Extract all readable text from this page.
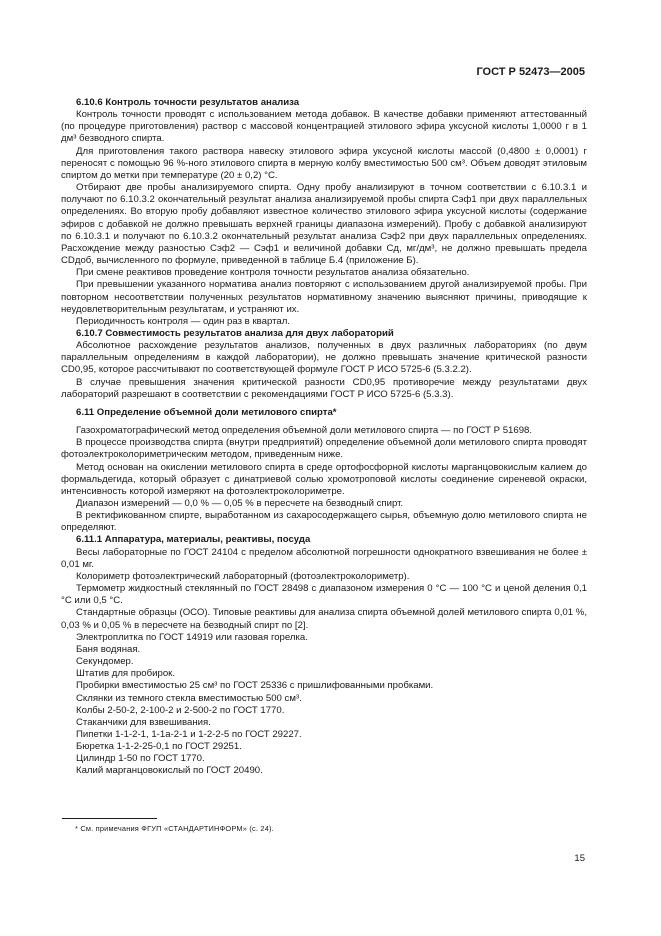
ГОСТ Р 52473—2005

6.10.6 Контроль точности результатов анализа

Контроль точности проводят с использованием метода добавок. В качестве добавки применяют аттестованный (по процедуре приготовления) раствор с массовой концентрацией этилового эфира уксусной кислоты 1,0000 г в 1 дм³ безводного спирта.

Для приготовления такого раствора навеску этилового эфира уксусной кислоты массой (0,4800 ± 0,0001) г переносят с помощью 96 %-ного этилового спирта в мерную колбу вместимостью 500 см³. Объем доводят этиловым спиртом до метки при температуре (20 ± 0,2) °С.

Отбирают две пробы анализируемого спирта. Одну пробу анализируют в точном соответствии с 6.10.3.1 и получают по 6.10.3.2 окончательный результат анализа анализируемой пробы спирта Cэф1 при двух параллельных определениях. Во вторую пробу добавляют известное количество этилового эфира уксусной кислоты (содержание эфиров с добавкой не должно превышать верхней границы диапазона измерений). Пробу с добавкой анализируют по 6.10.3.1 и получают по 6.10.3.2 окончательный результат анализа Cэф2 при двух параллельных определениях. Расхождение между разностью Cэф2 — Cэф1 и величиной добавки Cд, мг/дм³, не должно превышать предела CDдоб, вычисленного по формуле, приведенной в таблице Б.4 (приложение Б).

При смене реактивов проведение контроля точности результатов анализа обязательно.

При превышении указанного норматива анализ повторяют с использованием другой анализируемой пробы. При повторном несоответствии полученных результатов нормативному значению выясняют причины, приводящие к неудовлетворительным результатам, и устраняют их.

Периодичность контроля — один раз в квартал.

6.10.7 Совместимость результатов анализа для двух лабораторий

Абсолютное расхождение результатов анализов, полученных в двух различных лабораториях (по двум параллельным определениям в каждой лаборатории), не должно превышать значение критической разности CD0,95, которое рассчитывают по соответствующей формуле ГОСТ Р ИСО 5725-6 (5.3.2.2).

В случае превышения значения критической разности CD0,95 противоречие между результатами двух лабораторий разрешают в соответствии с рекомендациями ГОСТ Р ИСО 5725-6 (5.3.3).

6.11 Определение объемной доли метилового спирта*

Газохроматографический метод определения объемной доли метилового спирта — по ГОСТ Р 51698.

В процессе производства спирта (внутри предприятий) определение объемной доли метилового спирта проводят фотоэлектроколориметрическим методом, приведенным ниже.

Метод основан на окислении метилового спирта в среде ортофосфорной кислоты марганцовокислым калием до формальдегида, который образует с динатриевой солью хромотроповой кислоты соединение сиреневой окраски, интенсивность которой измеряют на фотоэлектроколориметре.

Диапазон измерений — 0,0 % — 0,05 % в пересчете на безводный спирт.

В ректификованном спирте, выработанном из сахаросодержащего сырья, объемную долю метилового спирта не определяют.

6.11.1 Аппаратура, материалы, реактивы, посуда

Весы лабораторные по ГОСТ 24104 с пределом абсолютной погрешности однократного взвешивания не более ± 0,01 мг.

Колориметр фотоэлектрический лабораторный (фотоэлектроколориметр).

Термометр жидкостный стеклянный по ГОСТ 28498 с диапазоном измерения 0 °С — 100 °С и ценой деления 0,1 °С или 0,5 °С.

Стандартные образцы (ОСО). Типовые реактивы для анализа спирта объемной долей метилового спирта 0,01 %, 0,03 % и 0,05 % в пересчете на безводный спирт по [2].

Электроплитка по ГОСТ 14919 или газовая горелка.

Баня водяная.

Секундомер.

Штатив для пробирок.

Пробирки вместимостью 25 см³ по ГОСТ 25336 с пришлифованными пробками.

Склянки из темного стекла вместимостью 500 см³.

Колбы 2-50-2, 2-100-2 и 2-500-2 по ГОСТ 1770.

Стаканчики для взвешивания.

Пипетки 1-1-2-1, 1-1а-2-1 и 1-2-2-5 по ГОСТ 29227.

Бюретка 1-1-2-25-0,1 по ГОСТ 29251.

Цилиндр 1-50 по ГОСТ 1770.

Калий марганцовокислый по ГОСТ 20490.

* См. примечания ФГУП «СТАНДАРТИНФОРМ» (с. 24).
15
